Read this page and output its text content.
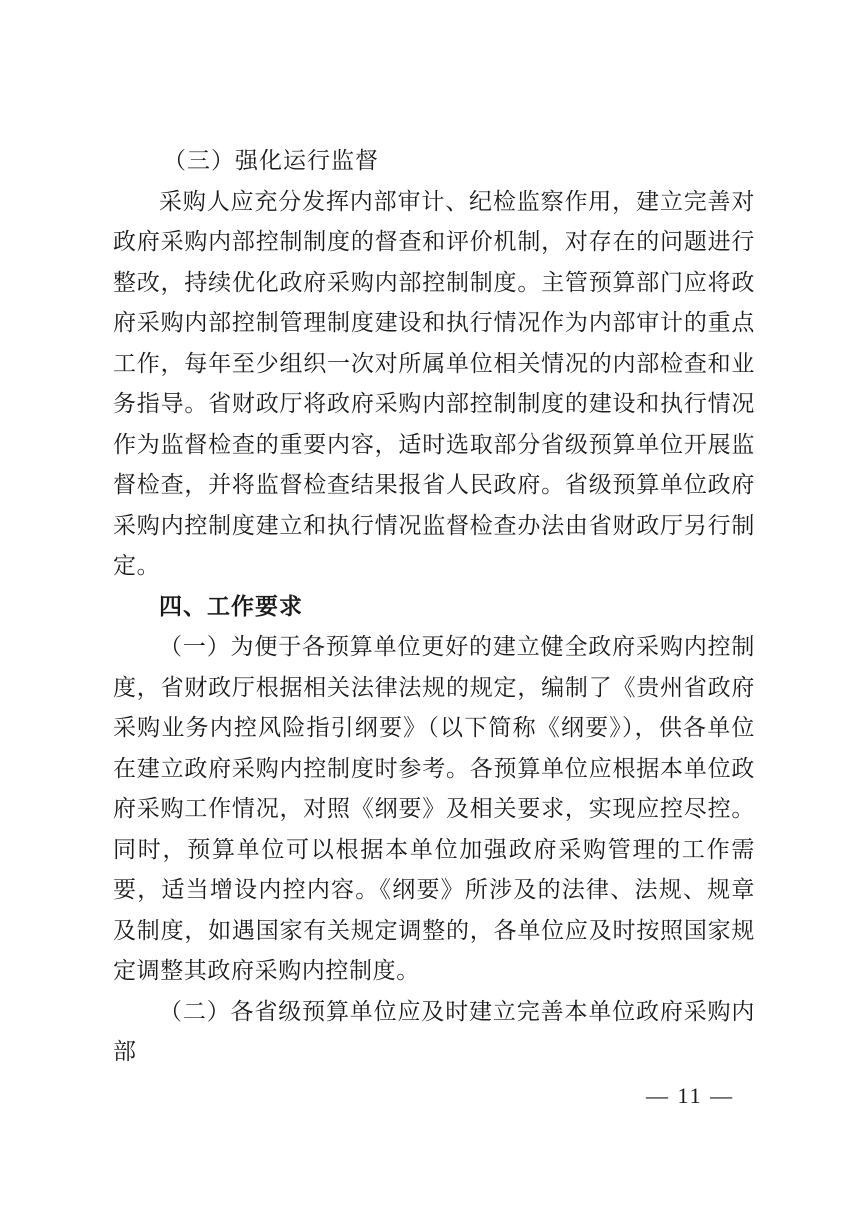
（三）强化运行监督

采购人应充分发挥内部审计、纪检监察作用，建立完善对政府采购内部控制制度的督查和评价机制，对存在的问题进行整改，持续优化政府采购内部控制制度。主管预算部门应将政府采购内部控制管理制度建设和执行情况作为内部审计的重点工作，每年至少组织一次对所属单位相关情况的内部检查和业务指导。省财政厅将政府采购内部控制制度的建设和执行情况作为监督检查的重要内容，适时选取部分省级预算单位开展监督检查，并将监督检查结果报省人民政府。省级预算单位政府采购内控制度建立和执行情况监督检查办法由省财政厅另行制定。

四、工作要求

（一）为便于各预算单位更好的建立健全政府采购内控制度，省财政厅根据相关法律法规的规定，编制了《贵州省政府采购业务内控风险指引纲要》（以下简称《纲要》），供各单位在建立政府采购内控制度时参考。各预算单位应根据本单位政府采购工作情况，对照《纲要》及相关要求，实现应控尽控。同时，预算单位可以根据本单位加强政府采购管理的工作需要，适当增设内控内容。《纲要》所涉及的法律、法规、规章及制度，如遇国家有关规定调整的，各单位应及时按照国家规定调整其政府采购内控制度。

（二）各省级预算单位应及时建立完善本单位政府采购内部

— 11 —
